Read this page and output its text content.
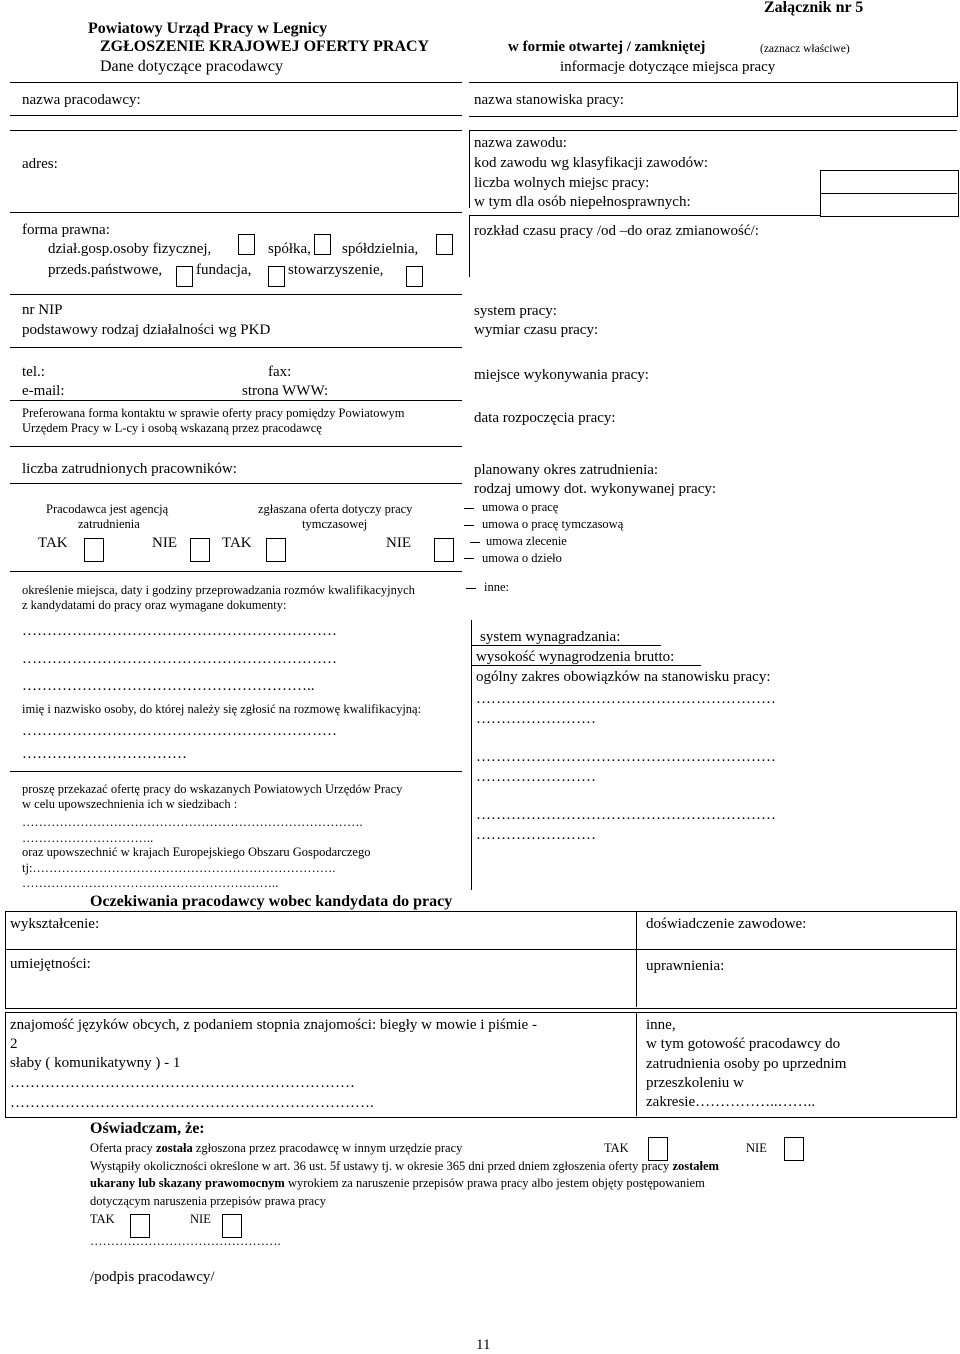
Powiatowy Urząd Pracy w Legnicy
ZGŁOSZENIE KRAJOWEJ OFERTY PRACY
Dane dotyczące pracodawcy
Załącznik nr 5
w formie otwartej / zamkniętej	(zaznacz właściwe)
informacje dotyczące miejsca pracy
nazwa pracodawcy:
adres:
forma prawna:
dział.gosp.osoby fizycznej,	spółka, spółdzielnia,
przeds.państwowe, fundacja, stowarzyszenie,
nr NIP
podstawowy rodzaj działalności wg PKD
tel.:	fax:
e-mail:	strona WWW:
Preferowana forma kontaktu w sprawie oferty pracy pomiędzy Powiatowym
Urzędem Pracy w L-cy i osobą wskazaną przez pracodawcę
liczba zatrudnionych pracowników:
Pracodawca jest agencją
zatrudnienia
zgłaszana oferta dotyczy pracy
tymczasowej
TAK	NIE	TAK	NIE
określenie miejsca, daty i godziny przeprowadzania rozmów kwalifikacyjnych
z kandydatami do pracy oraz wymagane dokumenty:
………………………………………………………
………………………………………………………
…………………………………………………..
imię i nazwisko osoby, do której należy się zgłosić na rozmowę kwalifikacyjną:
………………………………………………………
……………………………
proszę przekazać ofertę pracy do wskazanych Powiatowych Urzędów Pracy
w celu upowszechnienia ich w siedzibach :
……………………………………………………………………….
…………………………..
oraz upowszechnić w krajach Europejskiego Obszaru Gospodarczego
tj:……………………………………………………………….
……………………………………………………..
nazwa stanowiska pracy:
nazwa zawodu:
kod zawodu wg klasyfikacji zawodów:
liczba wolnych miejsc pracy:
w tym dla osób niepełnosprawnych:
rozkład czasu pracy /od –do oraz zmianowość/:
system pracy:
wymiar czasu pracy:
miejsce wykonywania pracy:
data rozpoczęcia pracy:
planowany okres zatrudnienia:
rodzaj umowy dot. wykonywanej pracy:
umowa o pracę
umowa o pracę tymczasową
umowa zlecenie
umowa o dzieło
inne:
system wynagradzania:
wysokość wynagrodzenia brutto:
ogólny zakres obowiązków na stanowisku pracy:
……………………………………………………
……………………
……………………………………………………
……………………
……………………………………………………
……………………
Oczekiwania pracodawcy wobec kandydata do pracy
wykształcenie:	doświadczenie zawodowe:
umiejętności:	uprawnienia:
znajomość języków obcych, z podaniem stopnia znajomości: biegły w mowie i piśmie -
2
słaby ( komunikatywny ) - 1
……………………………………………………………
……………………………………………………………….
inne,
w tym gotowość pracodawcy do
zatrudnienia osoby po uprzednim
przeszkoleniu w
zakresie……………..……..
Oświadczam, że:
Oferta pracy została zgłoszona przez pracodawcę w innym urzędzie pracy	TAK	NIE
Wystąpiły okoliczności określone w art. 36 ust. 5f ustawy tj. w okresie 365 dni przed dniem zgłoszenia oferty pracy zostałem
ukarany lub skazany prawomocnym wyrokiem za naruszenie przepisów prawa pracy albo jestem objęty postępowaniem
dotyczącym naruszenia przepisów prawa pracy
TAK	NIE
……………………………………….
/podpis pracodawcy/
11
